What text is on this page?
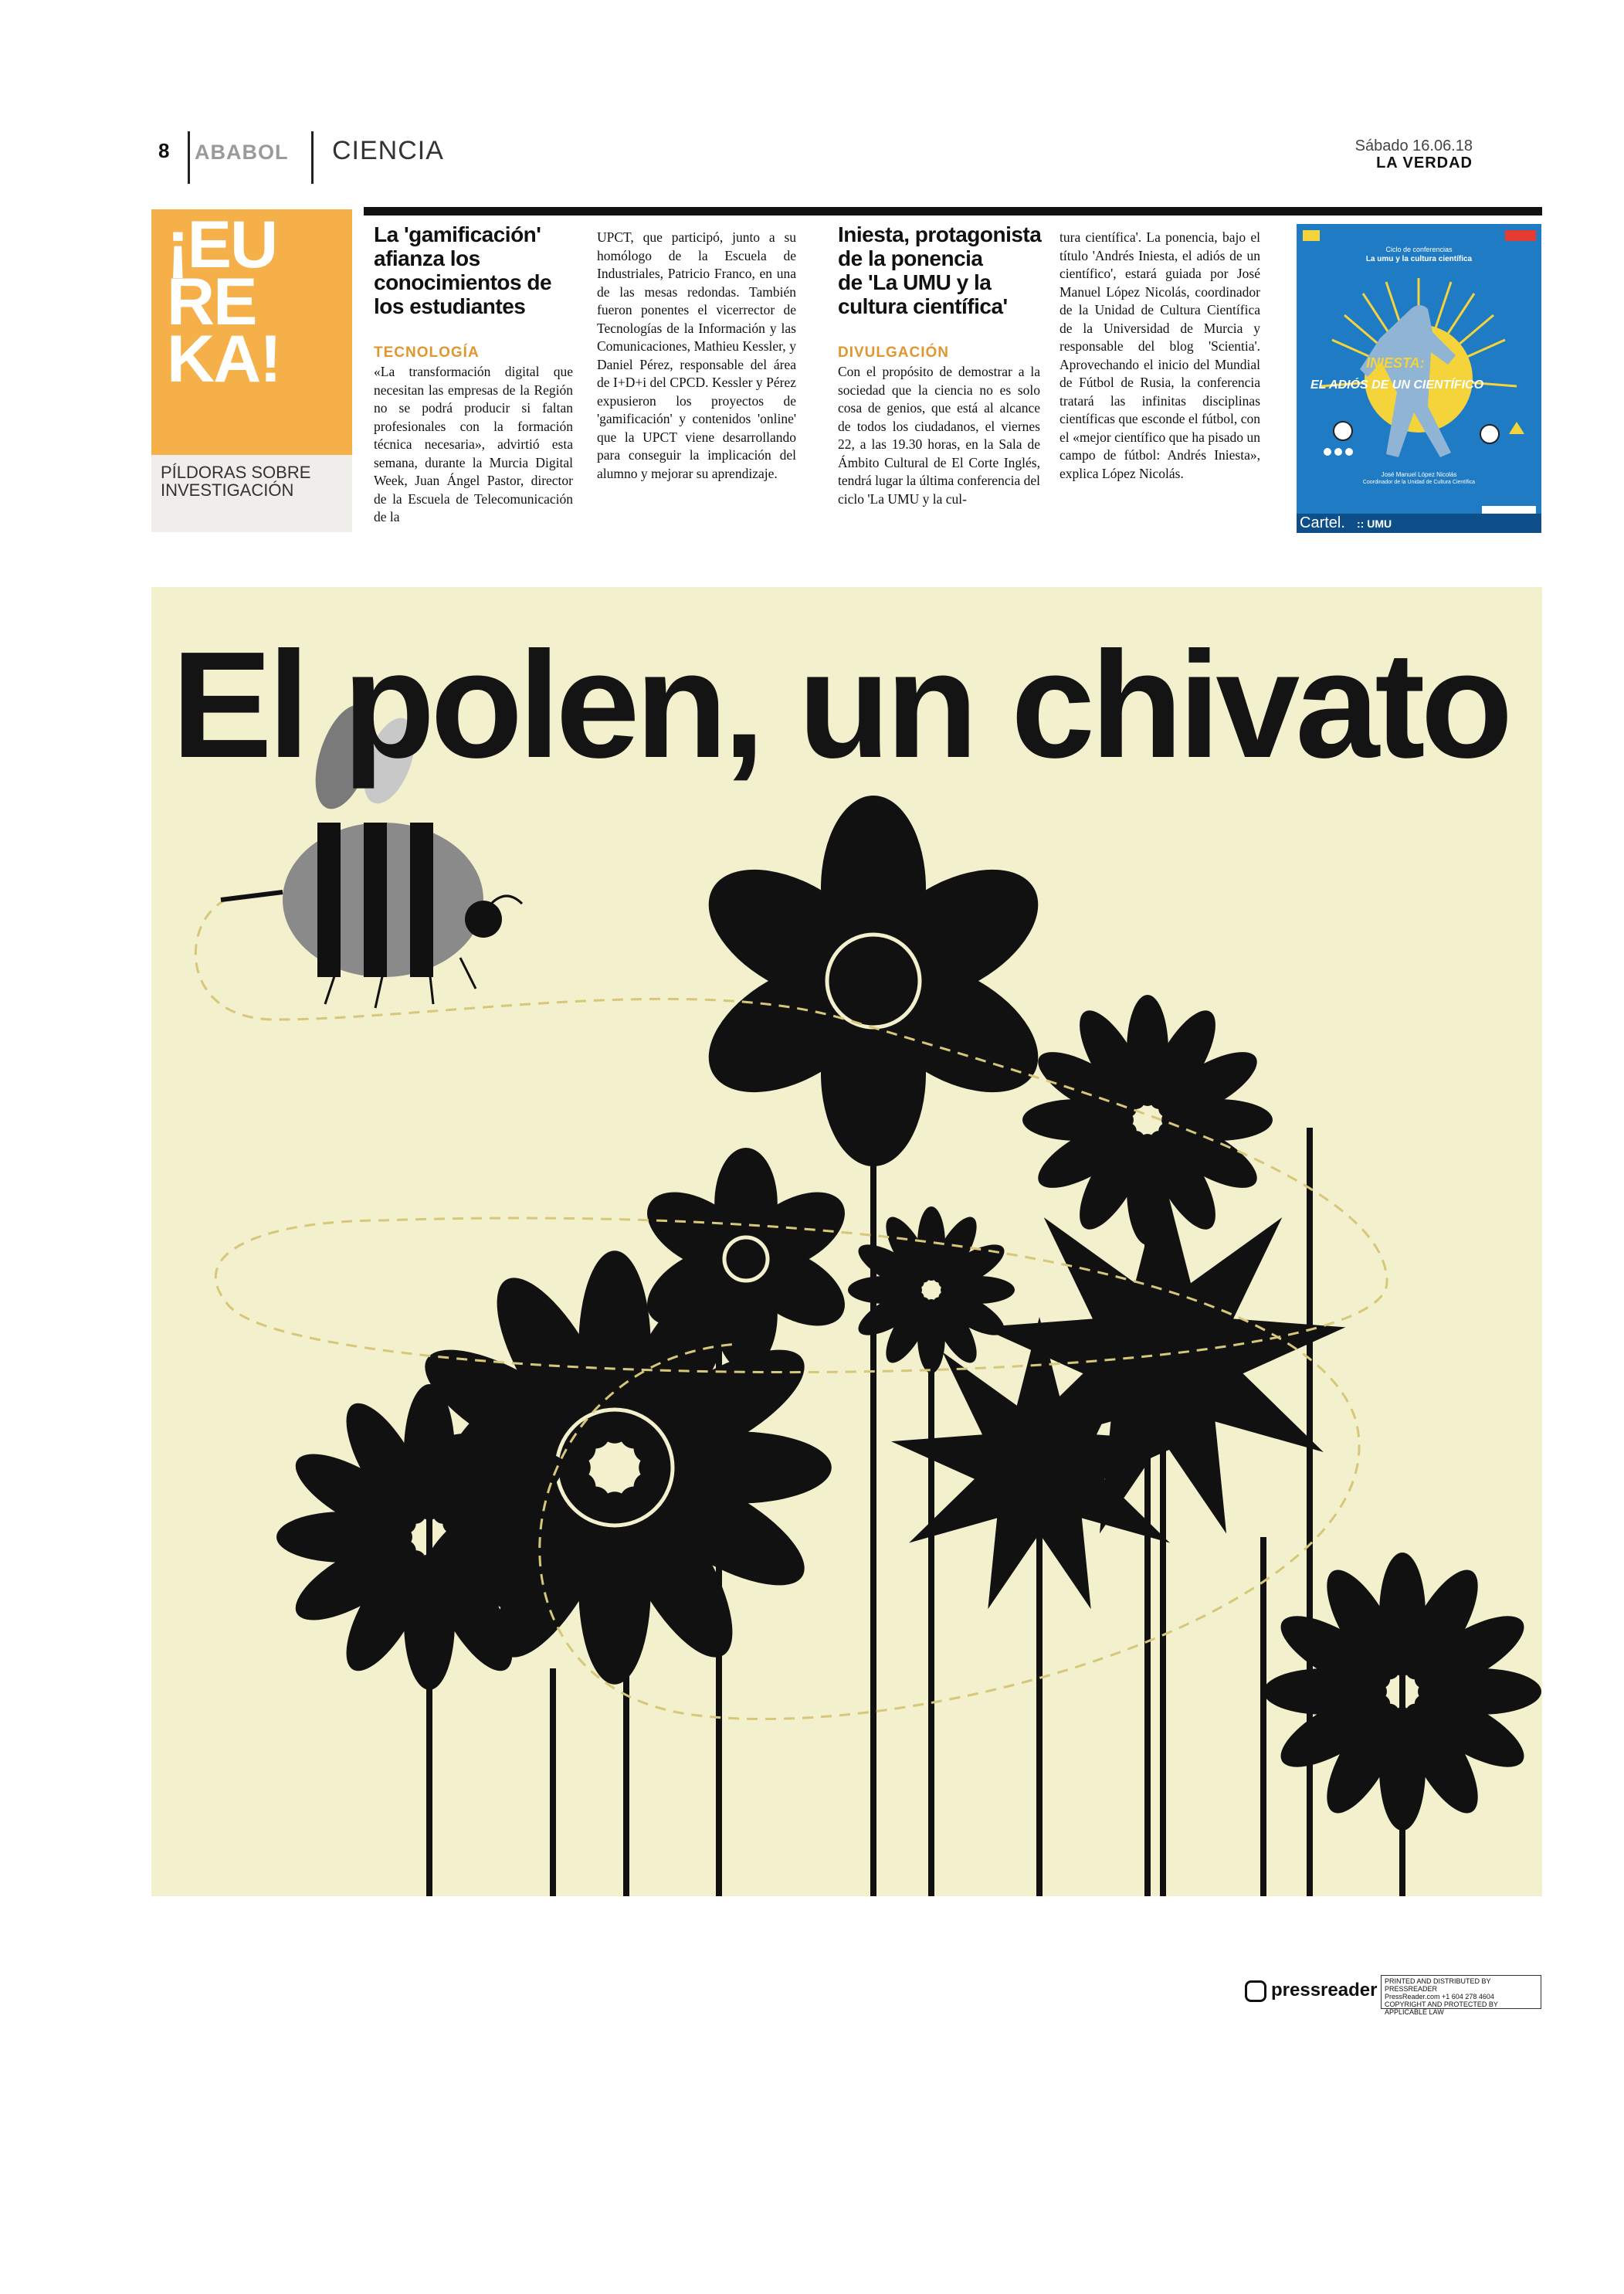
8 ABABOL CIENCIA	Sábado 16.06.18
LA VERDAD
¡EU
RE
KA!
PÍLDORAS SOBRE
INVESTIGACIÓN
La 'gamificación'
afianza los
conocimientos de
los estudiantes
TECNOLOGÍA
«La transformación digital que necesitan las empresas de la Región no se podrá producir si faltan profesionales con la formación técnica necesaria», advirtió esta semana, durante la Murcia Digital Week, Juan Ángel Pastor, director de la Escuela de Telecomunicación de la
UPCT, que participó, junto a su homólogo de la Escuela de Industriales, Patricio Franco, en una de las mesas redondas. También fueron ponentes el vicerrector de Tecnologías de la Información y las Comunicaciones, Mathieu Kessler, y Daniel Pérez, responsable del área de I+D+i del CPCD. Kessler y Pérez expusieron los proyectos de 'gamificación' y contenidos 'online' que la UPCT viene desarrollando para conseguir la implicación del alumno y mejorar su aprendizaje.
Iniesta, protagonista
de la ponencia
de 'La UMU y la
cultura científica'
DIVULGACIÓN
Con el propósito de demostrar a la sociedad que la ciencia no es solo cosa de genios, que está al alcance de todos los ciudadanos, el viernes 22, a las 19.30 horas, en la Sala de Ámbito Cultural de El Corte Inglés, tendrá lugar la última conferencia del ciclo 'La UMU y la cul-
tura científica'. La ponencia, bajo el título 'Andrés Iniesta, el adiós de un científico', estará guiada por José Manuel López Nicolás, coordinador de la Unidad de Cultura Científica de la Universidad de Murcia y responsable del blog 'Scientia'. Aprovechando el inicio del Mundial de Fútbol de Rusia, la conferencia tratará las infinitas disciplinas científicas que esconde el fútbol, con el «mejor científico que ha pisado un campo de fútbol: Andrés Iniesta», explica López Nicolás.
Ciclo de conferencias
La umu y la cultura científica
INIESTA:
EL ADIÓS DE UN CIENTÍFICO
José Manuel López Nicolás
Coordinador de la Unidad de Cultura Científica
Cartel. :: UMU
El polen, un chivato
pressreader	PRINTED AND DISTRIBUTED BY PRESSREADER
PressReader.com +1 604 278 4604
COPYRIGHT AND PROTECTED BY APPLICABLE LAW
